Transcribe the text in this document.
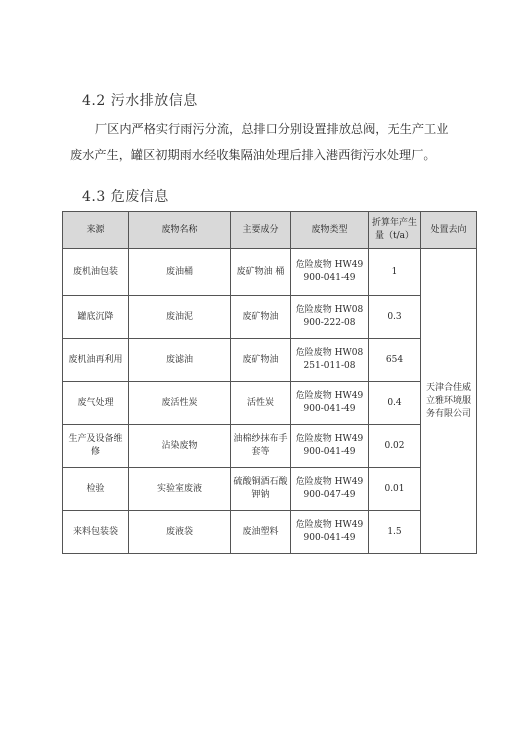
4.2 污水排放信息
厂区内严格实行雨污分流，总排口分别设置排放总阀，无生产工业
废水产生，罐区初期雨水经收集隔油处理后排入港西街污水处理厂。
4.3 危废信息
来源	废物名称	主要成分	废物类型	折算年产生量（t/a）	处置去向
废机油包装	废油桶	废矿物油 桶	危险废物 HW49
900-041-49	1	天津合佳威立雅环境服务有限公司
罐底沉降	废油泥	废矿物油	危险废物 HW08
900-222-08	0.3	
废机油再利用	废滤油	废矿物油	危险废物 HW08
251-011-08	654	
废气处理	废活性炭	活性炭	危险废物 HW49
900-041-49	0.4	
生产及设备维修	沾染废物	油棉纱抹布手套等	危险废物 HW49
900-041-49	0.02	
检验	实验室废液	硫酸铜酒石酸钾钠	危险废物 HW49
900-047-49	0.01	
来料包装袋	废液袋	废油塑料	危险废物 HW49
900-041-49	1.5	
